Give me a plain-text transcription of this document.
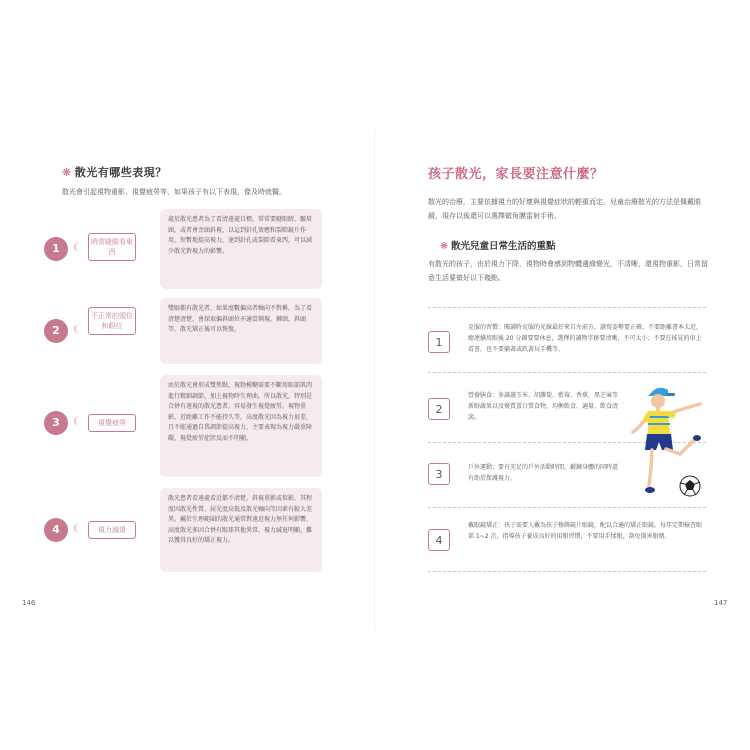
❋ 散光有哪些表現？
散光會引起視物重影、視覺疲勞等，如果孩子有以下表現，像及時就醫。
1	❨	時常瞇眼看東西
處於散光患者為了看清遠處目標，常常要瞇眼睛、皺眉頭，或者會歪頭斜視，以這到針孔效應和裂隙鏡片作用，短暫地提高視力，達到針孔或裂隙看東西，可以減少散光對視力的影響。
2	❨
不正常的頭位和眼位
雙眼都有散光者，如果度數偏高者軸向不對稱，為了看清楚清楚，會採取偏斜頭位亦適當側視，轉頭，斜頭等，散光矯正後可以恢復。
3	❨	視覺疲勞
由於散光會形成雙焦點，視物模糊需要不斷用眼部肌肉進行精細調節，加上視物時生理曲，所以散光，特別是合併有遠視的散光患者，容易發生視覺疲勞，視物重影，近距離工作不能持久等，高度散光因為視力很差，且不能通過自我調節提高視力，主要表現為視力嚴重障礙，視覺疲勞症狀反而不明顯。
4	❨	視力減退
散光患者看遠處看近都不清楚，斜視重影或似影，其程度因散光性質、屈光度高低及散光軸向等因素有較大差異。屬於生理範圍的散光通常對遠近視力無任何影響，高度散光多因合併有眼球其他異常，視力減退明顯，難以獲得良好的矯正視力。
146
孩子散光，家長要注意什麼？
散光的治療，主要依據視力的好壞與視覺症狀的輕重而定。兒童治療散光的方法是佩戴眼鏡，現存以後還可以選擇做角膜雷射手術。
❋ 散光兒童日常生活的重點
有散光的孩子，由於視力下降，視物時會感到物體邊緣變光，不清晰，還視物重影，日常留意生活要做好以下幾點。
1
克服的習慣：閱讀時克服的光線最好來自左前方，讀寫姿勢要正確，不要距離書本太近，總連續用眼後 20 分鐘要要休息，選擇的讀物字跡要清晰，不可太小；不要在搖晃的車上看書，也不要躺著或趴著玩手機等。
2
營養膳食：多讀讀玉米、胡蘿蔔、藍莓、香蕉、黑芝麻等新鮮蔬果以及優質蛋白質食物，均衡飲食、適量、飲食清淡。
3
戶外運動：要有充足的戶外活動時間，鍛鍊身體的同時還有助於保護視力。
4
戴眼鏡矯正：孩子需要人戴為孩子修飾鏡片眼鏡，配以合適的矯正眼鏡。每年定期檢查眼部 1~2 次，指導孩子養成良好的用眼習慣，不要用手揉眼，刮免傷害眼睛。
147
